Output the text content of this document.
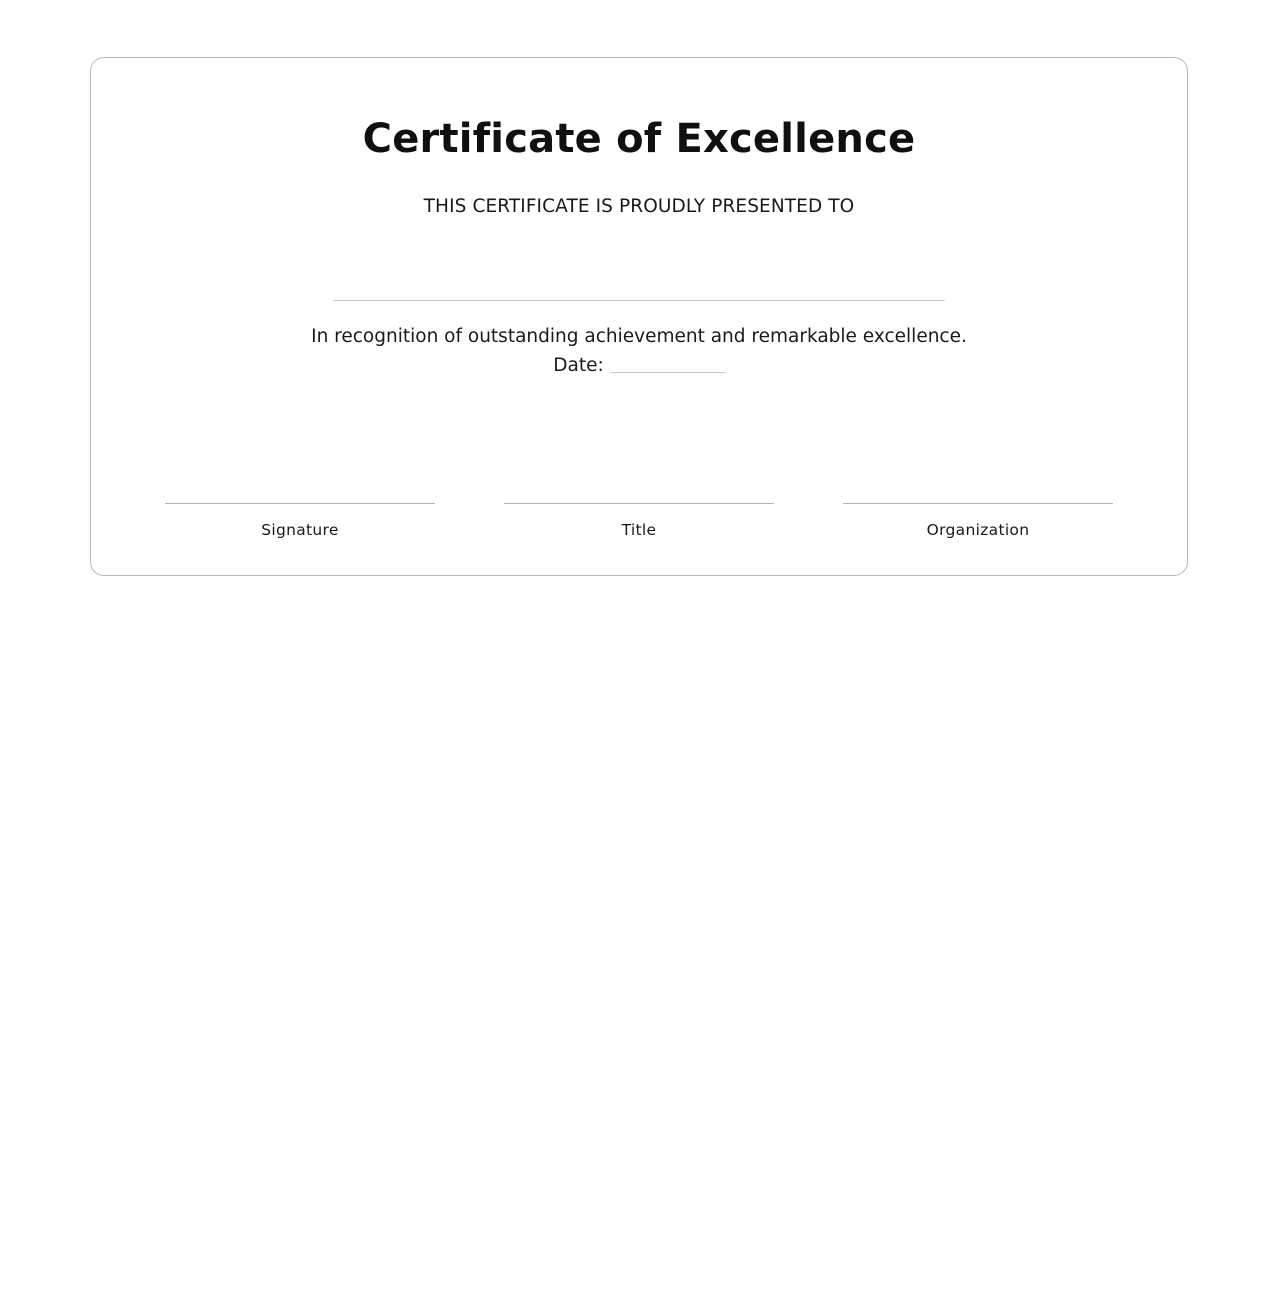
Certificate of Excellence

THIS CERTIFICATE IS PROUDLY PRESENTED TO

In recognition of outstanding achievement and remarkable excellence.

Date:

Signature	Title	Organization
